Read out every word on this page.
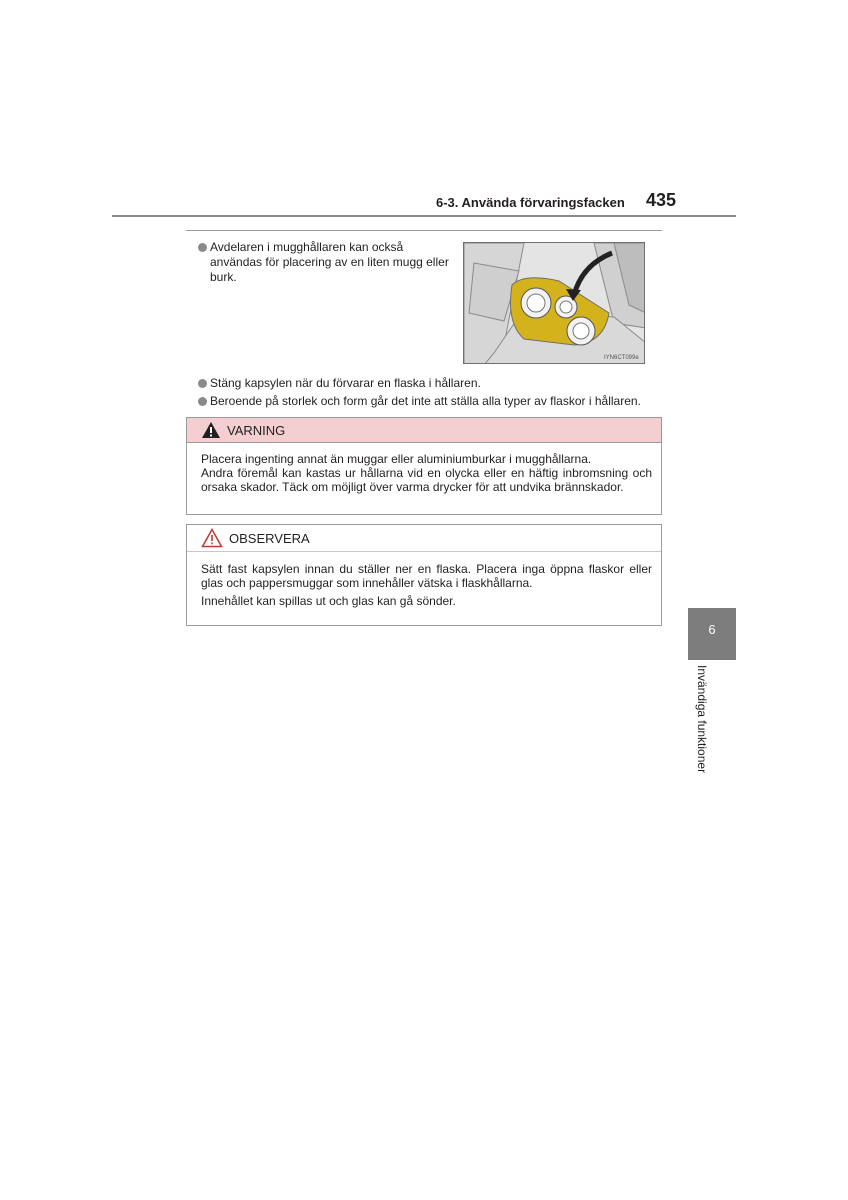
6-3. Använda förvaringsfacken 435
Avdelaren i mugghållaren kan också användas för placering av en liten mugg eller burk.
IYN6CT099e
Stäng kapsylen när du förvarar en flaska i hållaren.
Beroende på storlek och form går det inte att ställa alla typer av flaskor i hållaren.
VARNING

Placera ingenting annat än muggar eller aluminiumburkar i mugghållarna.

Andra föremål kan kastas ur hållarna vid en olycka eller en häftig inbromsning och orsaka skador. Täck om möjligt över varma drycker för att undvika brännskador.

OBSERVERA

Sätt fast kapsylen innan du ställer ner en flaska. Placera inga öppna flaskor eller glas och pappersmuggar som innehåller vätska i flaskhållarna.

Innehållet kan spillas ut och glas kan gå sönder.

6
Invändiga funktioner
